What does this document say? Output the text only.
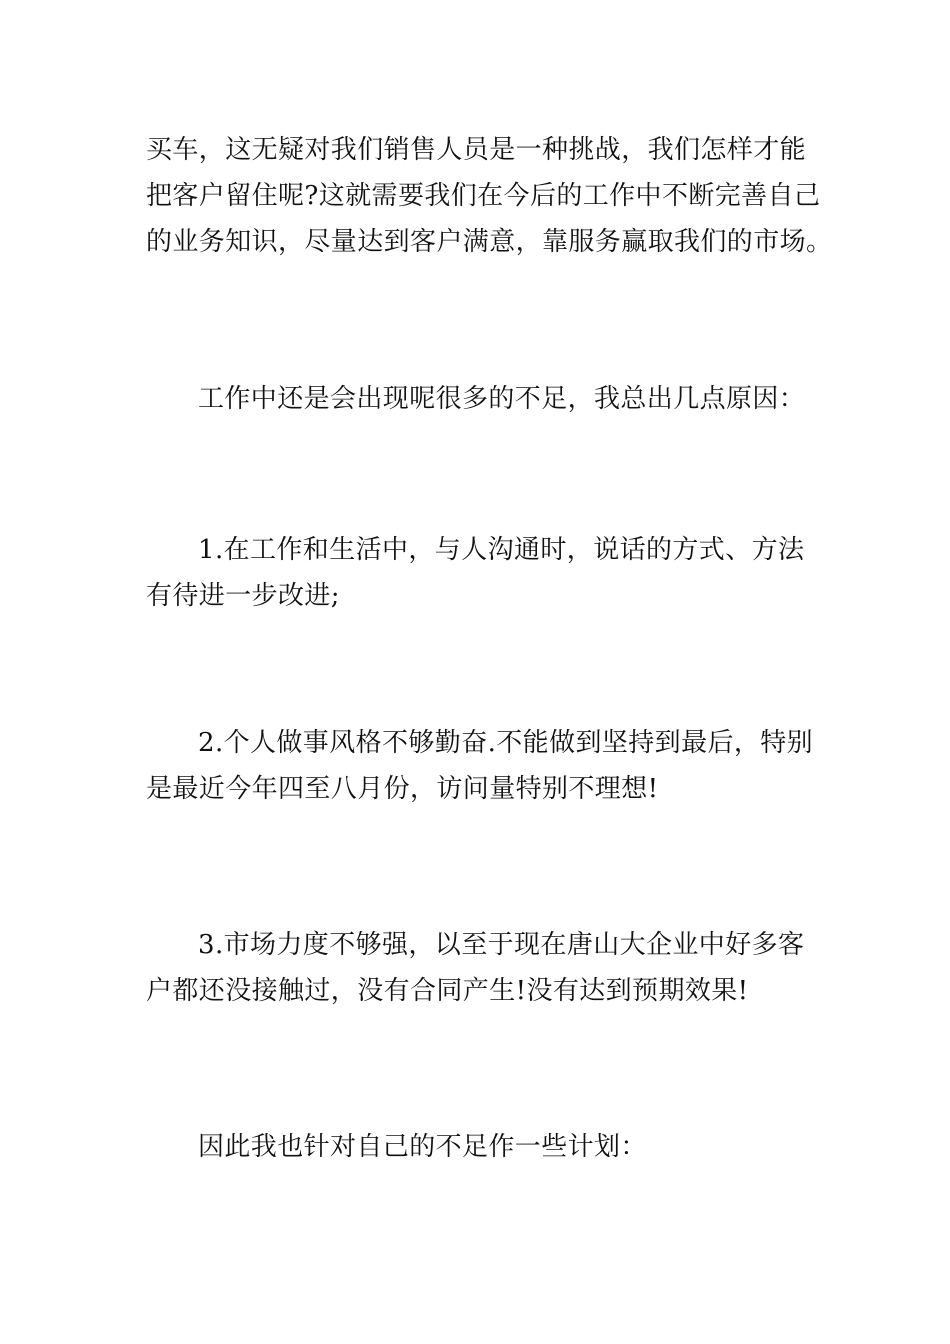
买车，这无疑对我们销售人员是一种挑战，我们怎样才能
把客户留住呢?这就需要我们在今后的工作中不断完善自己
的业务知识，尽量达到客户满意，靠服务赢取我们的市场。
工作中还是会出现呢很多的不足，我总出几点原因：
1.在工作和生活中，与人沟通时，说话的方式、方法
有待进一步改进;
2.个人做事风格不够勤奋.不能做到坚持到最后，特别
是最近今年四至八月份，访问量特别不理想!
3.市场力度不够强，以至于现在唐山大企业中好多客
户都还没接触过，没有合同产生!没有达到预期效果!
因此我也针对自己的不足作一些计划：
